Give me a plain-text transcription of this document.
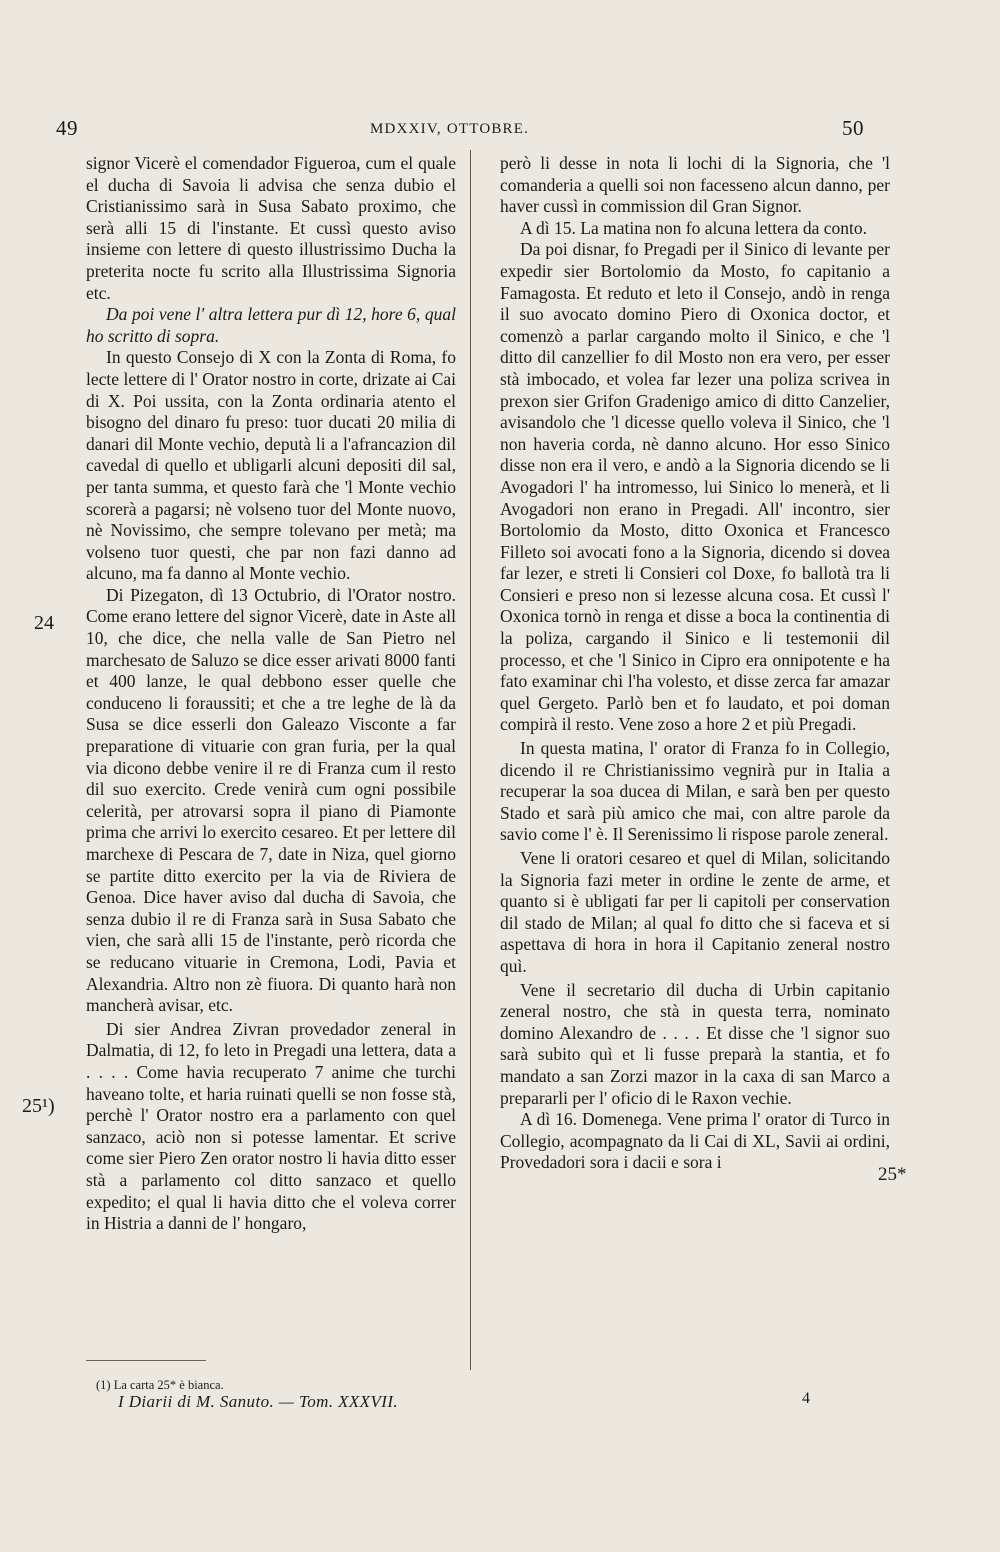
49	MDXXIV, OTTOBRE.	50

signor Vicerè el comendador Figueroa, cum el quale el ducha di Savoia li advisa che senza dubio el Cristianissimo sarà in Susa Sabato proximo, che serà alli 15 di l'instante. Et cussì questo aviso insieme con lettere di questo illustrissimo Ducha la preterita nocte fu scrito alla Illustrissima Signoria etc.

Da poi vene l' altra lettera pur dì 12, hore 6, qual ho scritto di sopra.

In questo Consejo di X con la Zonta di Roma, fo lecte lettere di l' Orator nostro in corte, drizate ai Cai di X. Poi ussita, con la Zonta ordinaria atento el bisogno del dinaro fu preso: tuor ducati 20 milia di danari dil Monte vechio, deputà li a l'afrancazion dil cavedal di quello et ubligarli alcuni depositi dil sal, per tanta summa, et questo farà che 'l Monte vechio scorerà a pagarsi; nè volseno tuor del Monte nuovo, nè Novissimo, che sempre tolevano per metà; ma volseno tuor questi, che par non fazi danno ad alcuno, ma fa danno al Monte vechio.

Di Pizegaton, dì 13 Octubrio, di l'Orator nostro. Come erano lettere del signor Vicerè, date in Aste all 10, che dice, che nella valle de San Pietro nel marchesato de Saluzo se dice esser arivati 8000 fanti et 400 lanze, le qual debbono esser quelle che conduceno li foraussiti; et che a tre leghe de là da Susa se dice esserli don Galeazo Visconte a far preparatione di vituarie con gran furia, per la qual via dicono debbe venire il re di Franza cum il resto dil suo exercito. Crede venirà cum ogni possibile celerità, per atrovarsi sopra il piano di Piamonte prima che arrivi lo exercito cesareo. Et per lettere dil marchexe di Pescara de 7, date in Niza, quel giorno se partite ditto exercito per la via de Riviera de Genoa. Dice haver aviso dal ducha di Savoia, che senza dubio il re di Franza sarà in Susa Sabato che vien, che sarà alli 15 de l'instante, però ricorda che se reducano vituarie in Cremona, Lodi, Pavia et Alexandria. Altro non zè fiuora. Di quanto harà non mancherà avisar, etc.

Di sier Andrea Zivran provedador zeneral in Dalmatia, di 12, fo leto in Pregadi una lettera, data a . . . . Come havia recuperato 7 anime che turchi haveano tolte, et haria ruinati quelli se non fosse stà, perchè l' Orator nostro era a parlamento con quel sanzaco, aciò non si potesse lamentar. Et scrive come sier Piero Zen orator nostro li havia ditto esser stà a parlamento col ditto sanzaco et quello expedito; el qual li havia ditto che el voleva correr in Histria a danni de l' hongaro,

però li desse in nota li lochi di la Signoria, che 'l comanderia a quelli soi non facesseno alcun danno, per haver cussì in commission dil Gran Signor.

A dì 15. La matina non fo alcuna lettera da conto.

Da poi disnar, fo Pregadi per il Sinico di levante per expedir sier Bortolomio da Mosto, fo capitanio a Famagosta. Et reduto et leto il Consejo, andò in renga il suo avocato domino Piero di Oxonica doctor, et comenzò a parlar cargando molto il Sinico, e che 'l ditto dil canzellier fo dil Mosto non era vero, per esser stà imbocado, et volea far lezer una poliza scrivea in prexon sier Grifon Gradenigo amico di ditto Canzelier, avisandolo che 'l dicesse quello voleva il Sinico, che 'l non haveria corda, nè danno alcuno. Hor esso Sinico disse non era il vero, e andò a la Signoria dicendo se li Avogadori l' ha intromesso, lui Sinico lo menerà, et li Avogadori non erano in Pregadi. All' incontro, sier Bortolomio da Mosto, ditto Oxonica et Francesco Filleto soi avocati fono a la Signoria, dicendo si dovea far lezer, e streti li Consieri col Doxe, fo ballotà tra li Consieri e preso non si lezesse alcuna cosa. Et cussì l' Oxonica tornò in renga et disse a boca la continentia di la poliza, cargando il Sinico e li testemonii dil processo, et che 'l Sinico in Cipro era onnipotente e ha fato examinar chi l'ha volesto, et disse zerca far amazar quel Gergeto. Parlò ben et fo laudato, et poi doman compirà il resto. Vene zoso a hore 2 et più Pregadi.

In questa matina, l' orator di Franza fo in Collegio, dicendo il re Christianissimo vegnirà pur in Italia a recuperar la soa ducea di Milan, e sarà ben per questo Stado et sarà più amico che mai, con altre parole da savio come l' è. Il Serenissimo li rispose parole zeneral.

Vene li oratori cesareo et quel di Milan, solicitando la Signoria fazi meter in ordine le zente de arme, et quanto si è ubligati far per li capitoli per conservation dil stado de Milan; al qual fo ditto che si faceva et si aspettava di hora in hora il Capitanio zeneral nostro quì.

Vene il secretario dil ducha di Urbin capitanio zeneral nostro, che stà in questa terra, nominato domino Alexandro de . . . . Et disse che 'l signor suo sarà subito quì et li fusse preparà la stantia, et fo mandato a san Zorzi mazor in la caxa di san Marco a prepararli per l' oficio di le Raxon vechie.

A dì 16. Domenega. Vene prima l' orator di Turco in Collegio, acompagnato da li Cai di XL, Savii ai ordini, Provedadori sora i dacii e sora i

24
25¹)
25*
(1) La carta 25* è bianca.
I Diarii di M. Sanuto. — Tom. XXXVII.	4
